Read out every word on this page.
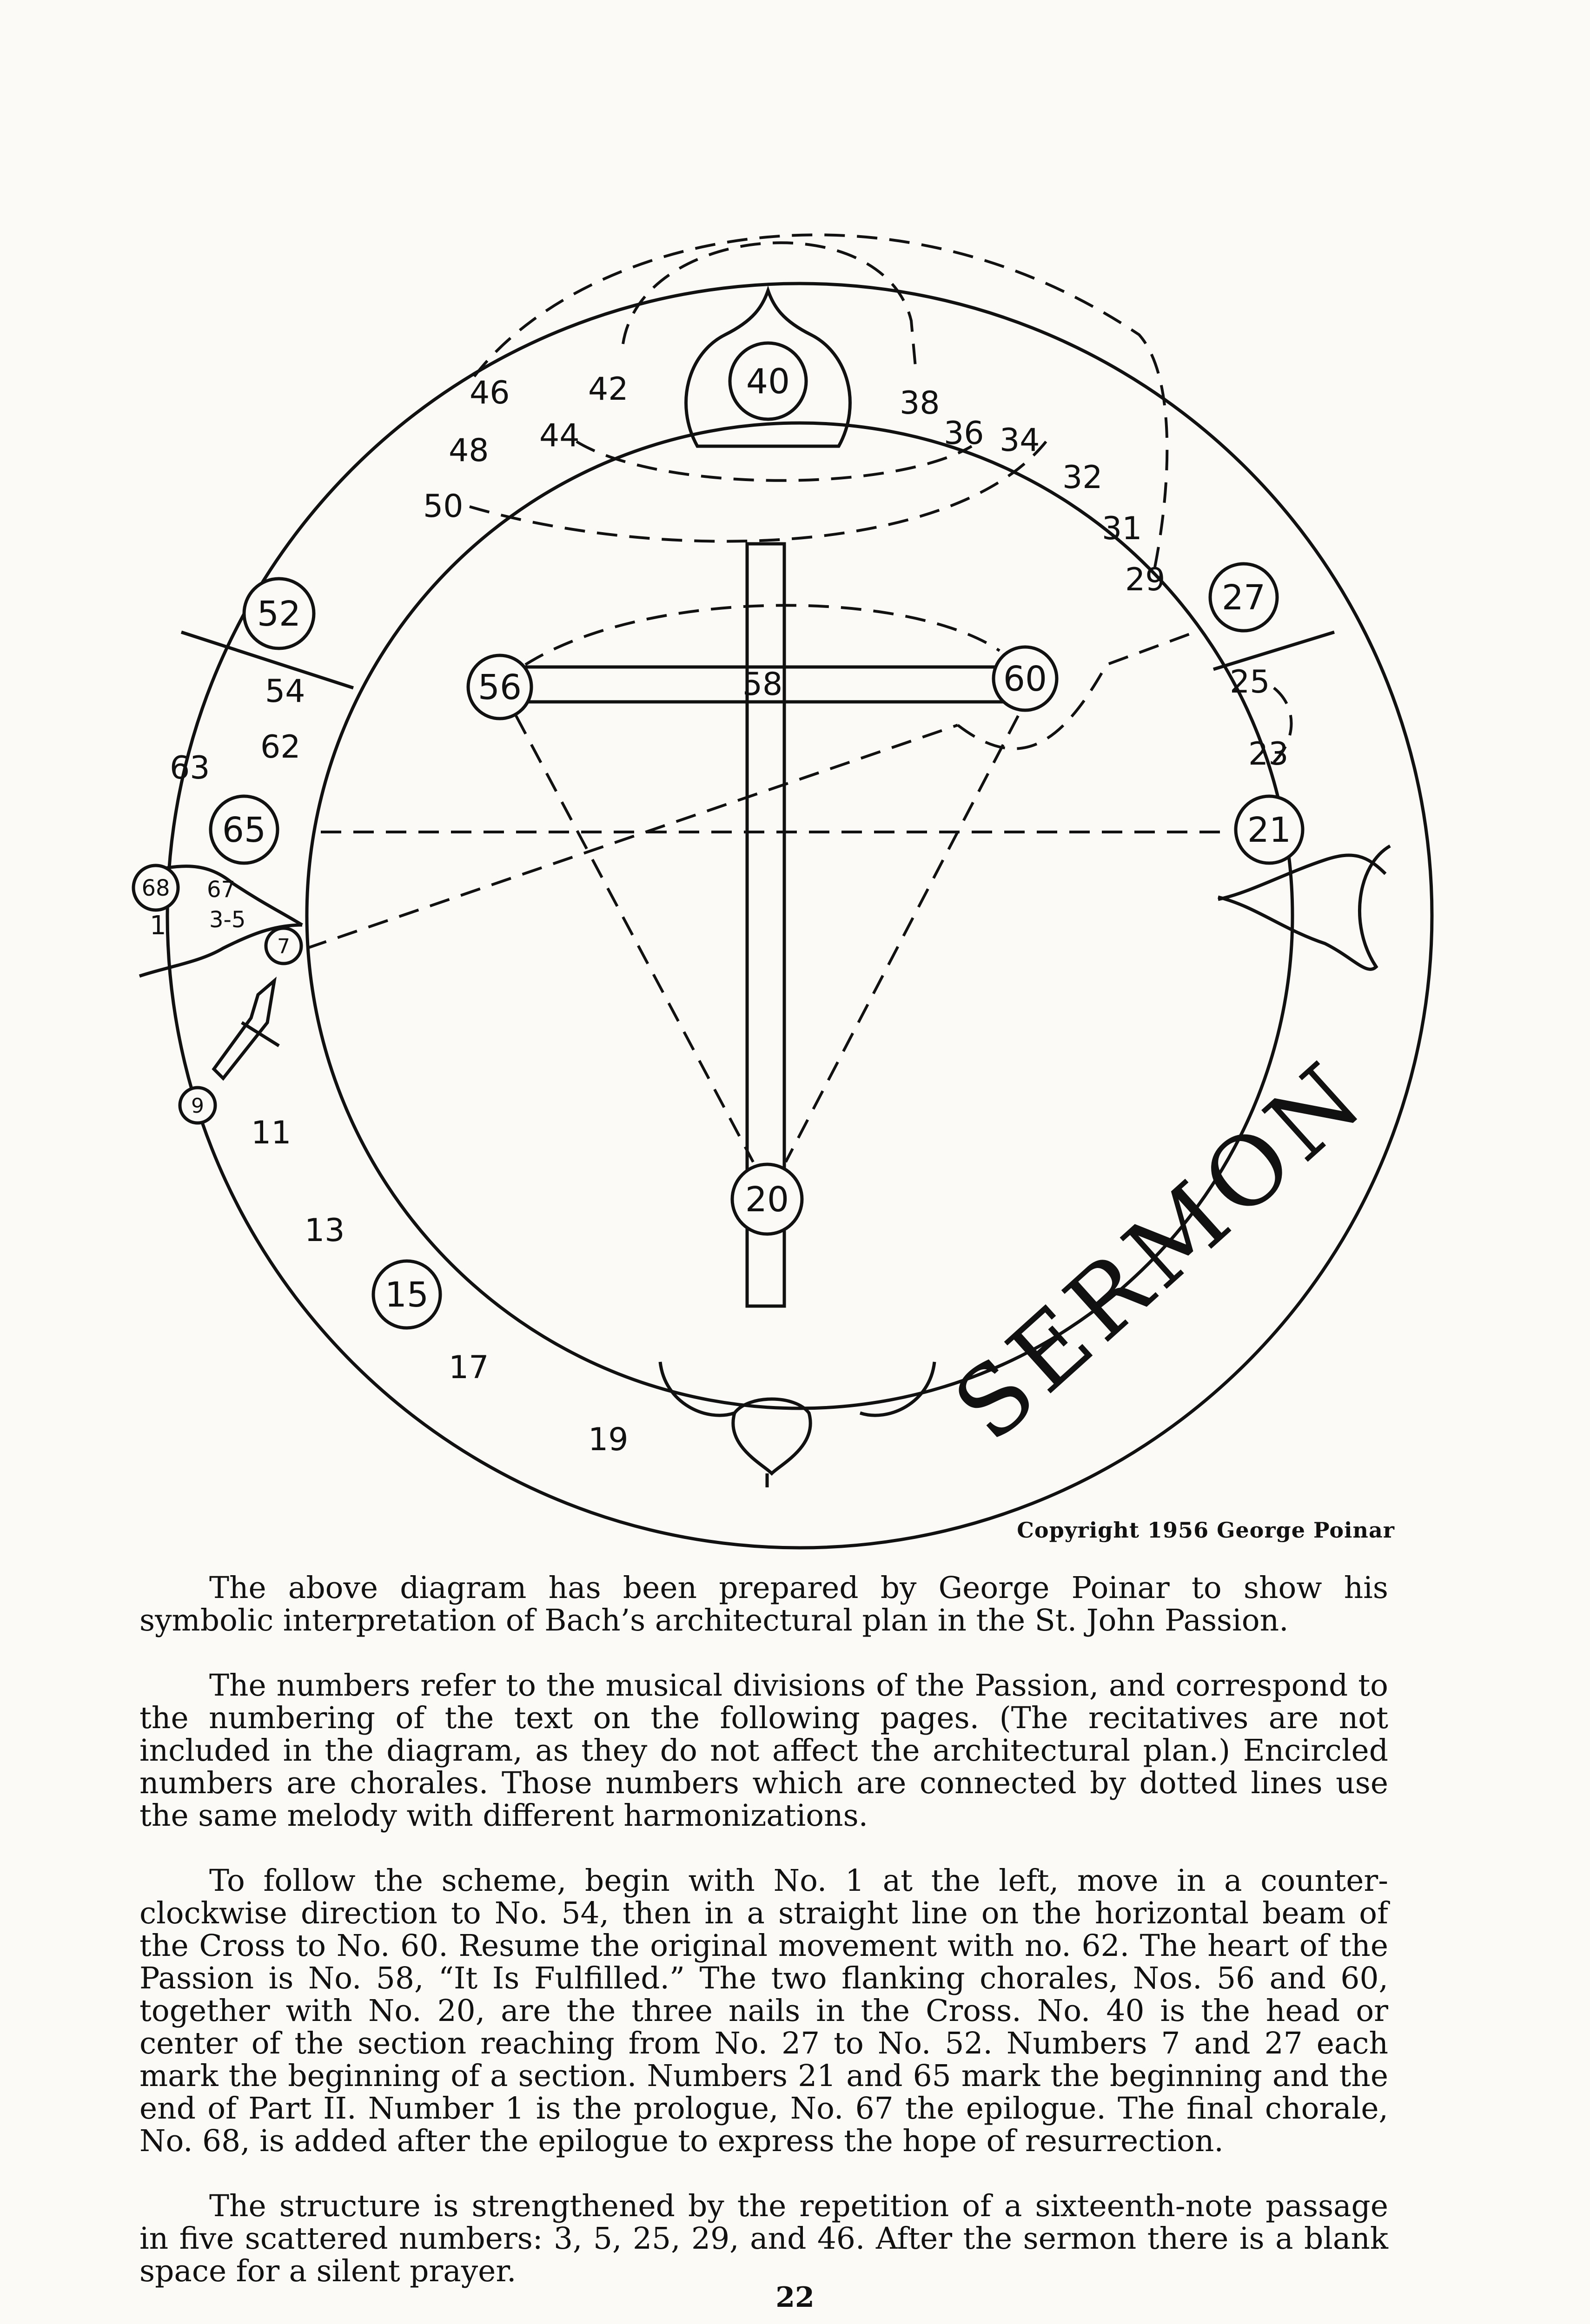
40
52	27
56	60
65	21
68
7
9
15
20
46 42	38
48 44	36 34
50
32
31
29
54	25
63
62	23
67
3-5
1
11
13
17
19
58
SERMON
Copyright 1956 George Poinar

The above diagram has been prepared by George Poinar to show his symbolic interpretation of Bach’s architectural plan in the St. John Passion.

The numbers refer to the musical divisions of the Passion, and correspond to the numbering of the text on the following pages. (The recitatives are not included in the diagram, as they do not affect the architectural plan.) Encircled numbers are chorales. Those numbers which are connected by dotted lines use the same melody with different harmonizations.

To follow the scheme, begin with No. 1 at the left, move in a counter-clockwise direction to No. 54, then in a straight line on the horizontal beam of the Cross to No. 60. Resume the original movement with no. 62. The heart of the Passion is No. 58, “It Is Fulfilled.” The two flanking chorales, Nos. 56 and 60, together with No. 20, are the three nails in the Cross. No. 40 is the head or center of the section reaching from No. 27 to No. 52. Numbers 7 and 27 each mark the beginning of a section. Numbers 21 and 65 mark the beginning and the end of Part II. Number 1 is the prologue, No. 67 the epilogue. The final chorale, No. 68, is added after the epilogue to express the hope of resurrection.

The structure is strengthened by the repetition of a sixteenth-note passage in five scattered numbers: 3, 5, 25, 29, and 46. After the sermon there is a blank space for a silent prayer.

22
